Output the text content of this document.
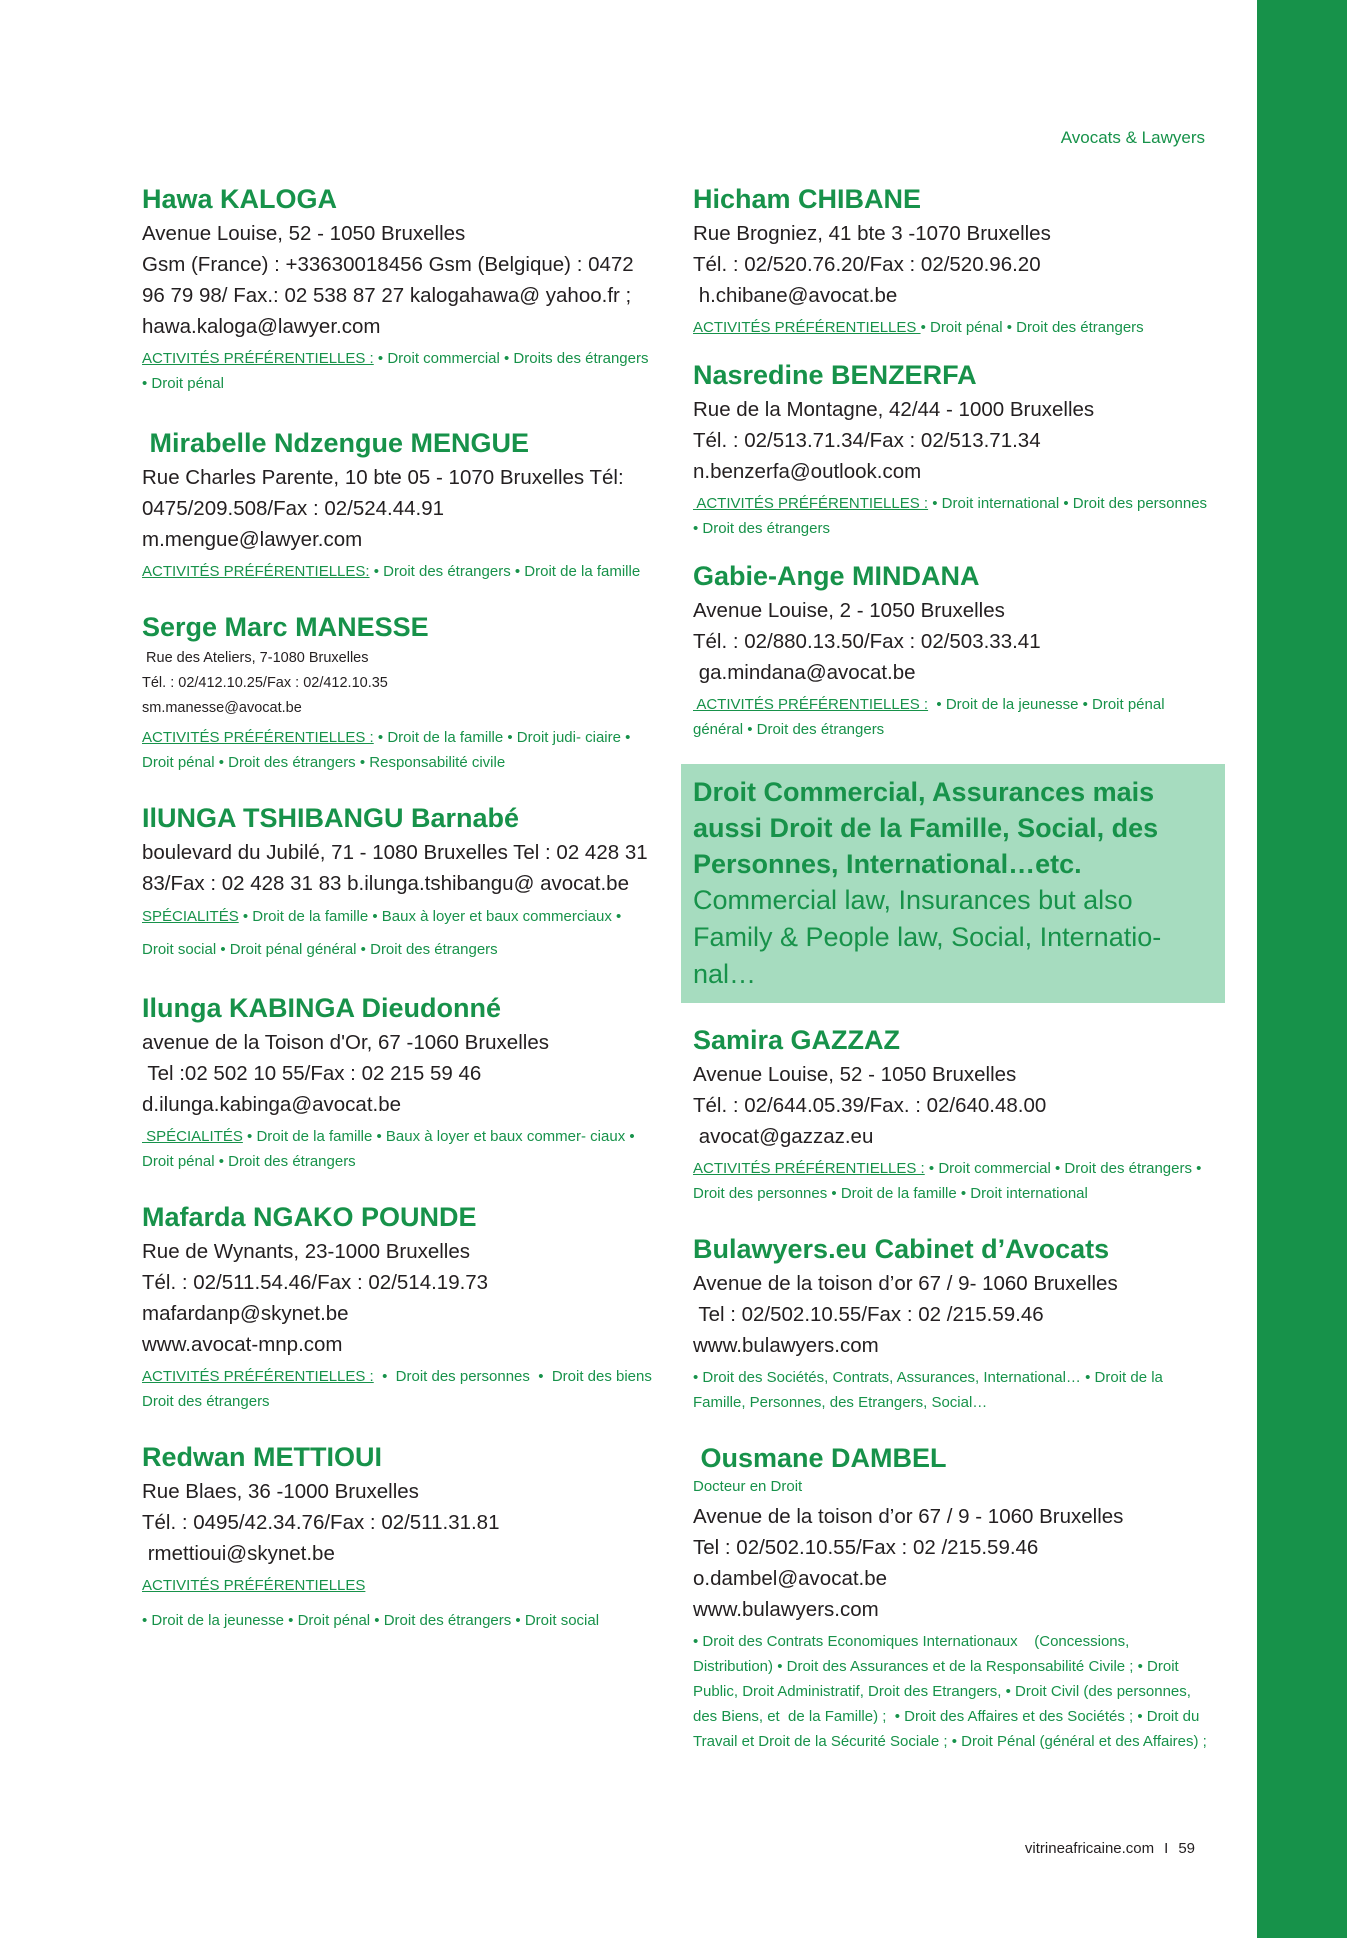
Avocats & Lawyers
Hawa KALOGA
Avenue Louise, 52 - 1050 Bruxelles
Gsm (France) : +33630018456 Gsm (Belgique) : 0472 96 79 98/ Fax.: 02 538 87 27 kalogahawa@ yahoo.fr ; hawa.kaloga@lawyer.com
ACTIVITÉS PRÉFÉRENTIELLES : • Droit commercial • Droits des étrangers • Droit pénal
Mirabelle Ndzengue MENGUE
Rue Charles Parente, 10 bte 05 - 1070 Bruxelles Tél: 0475/209.508/Fax : 02/524.44.91
m.mengue@lawyer.com
ACTIVITÉS PRÉFÉRENTIELLES: • Droit des étrangers • Droit de la famille
Serge Marc MANESSE
Rue des Ateliers, 7-1080 Bruxelles
Tél. : 02/412.10.25/Fax : 02/412.10.35
sm.manesse@avocat.be
ACTIVITÉS PRÉFÉRENTIELLES : • Droit de la famille • Droit judi- ciaire • Droit pénal • Droit des étrangers • Responsabilité civile
IlUNGA TSHIBANGU Barnabé
boulevard du Jubilé, 71 - 1080 Bruxelles Tel : 02 428 31 83/Fax : 02 428 31 83 b.ilunga.tshibangu@ avocat.be SPÉCIALITÉS • Droit de la famille • Baux à loyer et baux commerciaux • Droit social • Droit pénal général • Droit des étrangers
Ilunga KABINGA Dieudonné
avenue de la Toison d'Or, 67 -1060 Bruxelles
Tel :02 502 10 55/Fax : 02 215 59 46
d.ilunga.kabinga@avocat.be
SPÉCIALITÉS • Droit de la famille • Baux à loyer et baux commer- ciaux • Droit pénal • Droit des étrangers
Mafarda NGAKO POUNDE
Rue de Wynants, 23-1000 Bruxelles
Tél. : 02/511.54.46/Fax : 02/514.19.73
mafardanp@skynet.be
www.avocat-mnp.com
ACTIVITÉS PRÉFÉRENTIELLES :  •  Droit des personnes  •  Droit des biens Droit des étrangers
Redwan METTIOUI
Rue Blaes, 36 -1000 Bruxelles
Tél. : 0495/42.34.76/Fax : 02/511.31.81
rmettioui@skynet.be
ACTIVITÉS PRÉFÉRENTIELLES
• Droit de la jeunesse • Droit pénal • Droit des étrangers • Droit social
Hicham CHIBANE
Rue Brogniez, 41 bte 3 -1070 Bruxelles
Tél. : 02/520.76.20/Fax : 02/520.96.20
h.chibane@avocat.be
ACTIVITÉS PRÉFÉRENTIELLES • Droit pénal • Droit des étrangers
Nasredine BENZERFA
Rue de la Montagne, 42/44 - 1000 Bruxelles
Tél. : 02/513.71.34/Fax : 02/513.71.34
n.benzerfa@outlook.com
ACTIVITÉS PRÉFÉRENTIELLES : • Droit international • Droit des personnes • Droit des étrangers
Gabie-Ange MINDANA
Avenue Louise, 2 - 1050 Bruxelles
Tél. : 02/880.13.50/Fax : 02/503.33.41
ga.mindana@avocat.be
ACTIVITÉS PRÉFÉRENTIELLES :  • Droit de la jeunesse • Droit pénal général • Droit des étrangers
Droit Commercial, Assurances mais aussi Droit de la Famille, Social, des Personnes, International…etc.
Commercial law, Insurances but also Family & People law, Social, Internatio- nal…
Samira GAZZAZ
Avenue Louise, 52 - 1050 Bruxelles
Tél. : 02/644.05.39/Fax. : 02/640.48.00
avocat@gazzaz.eu
ACTIVITÉS PRÉFÉRENTIELLES : • Droit commercial • Droit des étrangers • Droit des personnes • Droit de la famille • Droit international
Bulawyers.eu Cabinet d’Avocats
Avenue de la toison d’or 67 / 9- 1060 Bruxelles
Tel : 02/502.10.55/Fax : 02 /215.59.46
www.bulawyers.com
• Droit des Sociétés, Contrats, Assurances, International… • Droit de la Famille, Personnes, des Etrangers, Social…
Ousmane DAMBEL
Docteur en Droit
Avenue de la toison d’or 67 / 9 - 1060 Bruxelles
Tel : 02/502.10.55/Fax : 02 /215.59.46
o.dambel@avocat.be
www.bulawyers.com
• Droit des Contrats Economiques Internationaux    (Concessions, Distribution) • Droit des Assurances et de la Responsabilité Civile ; • Droit Public, Droit Administratif, Droit des Etrangers, • Droit Civil (des personnes, des Biens, et  de la Famille) ;  • Droit des Affaires et des Sociétés ; • Droit du Travail et Droit de la Sécurité Sociale ; • Droit Pénal (général et des Affaires) ;
vitrineafricaine.com I 59
